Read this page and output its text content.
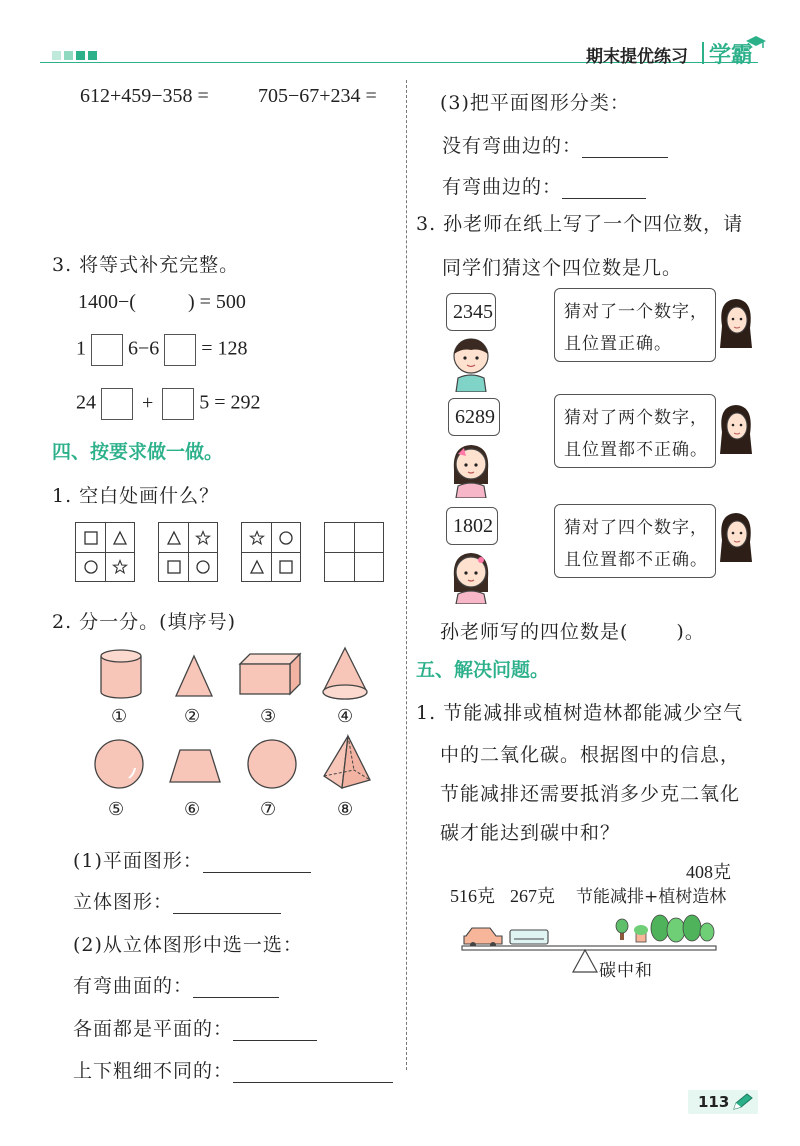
期末提优练习 学霸
612+459−358 = 705−67+234 =
3. 将等式补充完整。
1400−(	) = 500
1 6−6 = 128
24 + 5 = 292
四、按要求做一做。
1. 空白处画什么？
2. 分一分。(填序号)
①	②	③	④
⑤	⑥	⑦	⑧
(1)平面图形：
立体图形：
(2)从立体图形中选一选：
有弯曲面的：
各面都是平面的：
上下粗细不同的：
(3)把平面图形分类：
没有弯曲边的：
有弯曲边的：
3. 孙老师在纸上写了一个四位数，请
同学们猜这个四位数是几。
2345	猜对了一个数字，
且位置正确。
6289	猜对了两个数字，
且位置都不正确。
1802	猜对了四个数字，
且位置都不正确。
孙老师写的四位数是(	)。
五、解决问题。
1. 节能减排或植树造林都能减少空气
中的二氧化碳。根据图中的信息，
节能减排还需要抵消多少克二氧化
碳才能达到碳中和？
408克
516克 267克 节能减排+植树造林
碳中和
113
